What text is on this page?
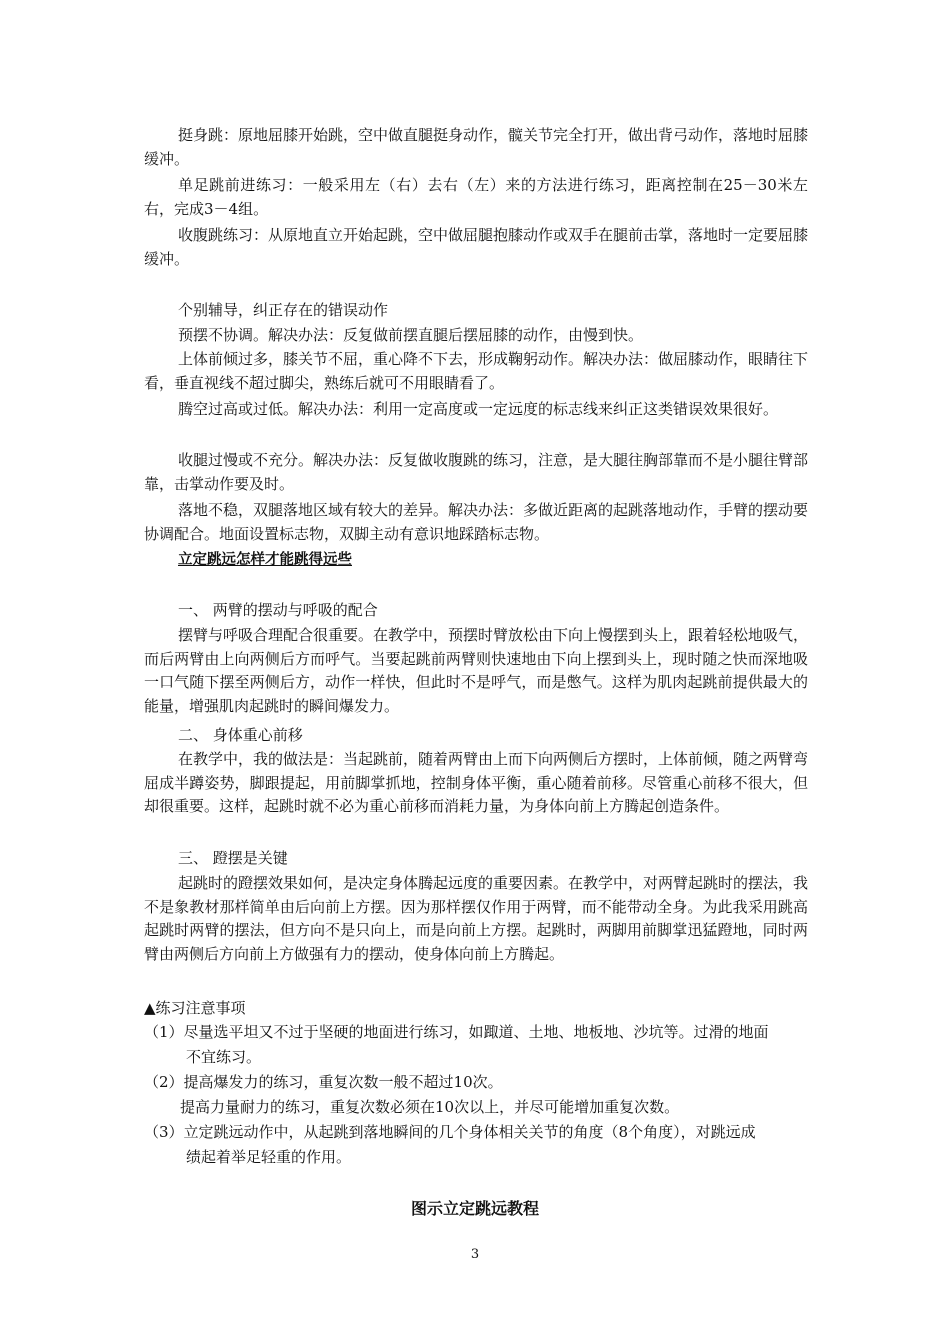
挺身跳：原地屈膝开始跳，空中做直腿挺身动作，髋关节完全打开，做出背弓动作，落地时屈膝缓冲。

单足跳前进练习：一般采用左（右）去右（左）来的方法进行练习，距离控制在25－30米左右，完成3－4组。

收腹跳练习：从原地直立开始起跳，空中做屈腿抱膝动作或双手在腿前击掌，落地时一定要屈膝缓冲。

个别辅导，纠正存在的错误动作

预摆不协调。解决办法：反复做前摆直腿后摆屈膝的动作，由慢到快。

上体前倾过多，膝关节不屈，重心降不下去，形成鞠躬动作。解决办法：做屈膝动作，眼睛往下看，垂直视线不超过脚尖，熟练后就可不用眼睛看了。

腾空过高或过低。解决办法：利用一定高度或一定远度的标志线来纠正这类错误效果很好。

收腿过慢或不充分。解决办法：反复做收腹跳的练习，注意，是大腿往胸部靠而不是小腿往臂部靠，击掌动作要及时。

落地不稳，双腿落地区域有较大的差异。解决办法：多做近距离的起跳落地动作，手臂的摆动要协调配合。地面设置标志物，双脚主动有意识地踩踏标志物。

立定跳远怎样才能跳得远些

一、 两臂的摆动与呼吸的配合

摆臂与呼吸合理配合很重要。在教学中，预摆时臂放松由下向上慢摆到头上，跟着轻松地吸气，而后两臂由上向两侧后方而呼气。当要起跳前两臂则快速地由下向上摆到头上，现时随之快而深地吸一口气随下摆至两侧后方，动作一样快，但此时不是呼气，而是憋气。这样为肌肉起跳前提供最大的能量，增强肌肉起跳时的瞬间爆发力。

二、 身体重心前移

在教学中，我的做法是：当起跳前，随着两臂由上而下向两侧后方摆时，上体前倾，随之两臂弯屈成半蹲姿势，脚跟提起，用前脚掌抓地，控制身体平衡，重心随着前移。尽管重心前移不很大，但却很重要。这样，起跳时就不必为重心前移而消耗力量，为身体向前上方腾起创造条件。

三、 蹬摆是关键

起跳时的蹬摆效果如何，是决定身体腾起远度的重要因素。在教学中，对两臂起跳时的摆法，我不是象教材那样简单由后向前上方摆。因为那样摆仅作用于两臂，而不能带动全身。为此我采用跳高起跳时两臂的摆法，但方向不是只向上，而是向前上方摆。起跳时，两脚用前脚掌迅猛蹬地，同时两臂由两侧后方向前上方做强有力的摆动，使身体向前上方腾起。

▲练习注意事项

（1）尽量选平坦又不过于坚硬的地面进行练习，如踙道、土地、地板地、沙坑等。过滑的地面

不宜练习。

（2）提高爆发力的练习，重复次数一般不超过10次。

提高力量耐力的练习，重复次数必须在10次以上，并尽可能增加重复次数。

（3）立定跳远动作中，从起跳到落地瞬间的几个身体相关关节的角度（8个角度），对跳远成

绩起着举足轻重的作用。

图示立定跳远教程
3
